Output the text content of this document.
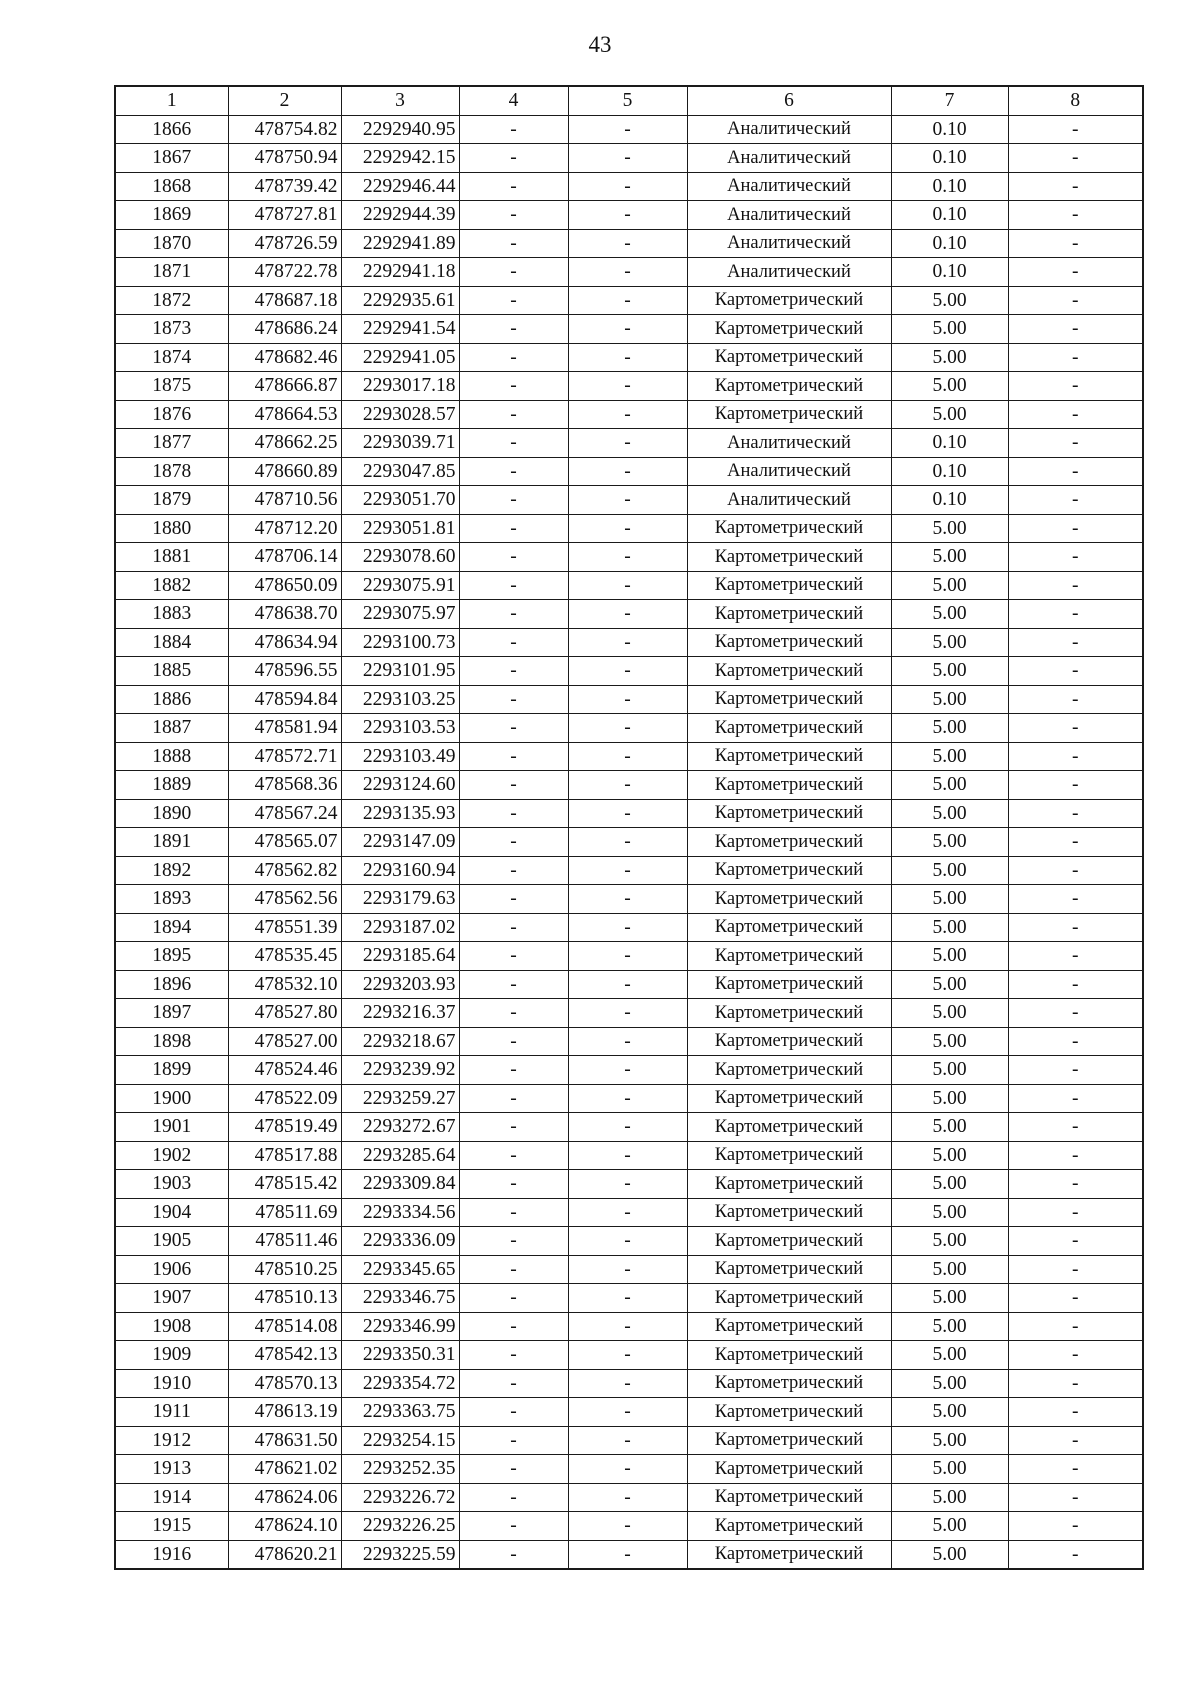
43
1	2	3	4	5	6	7	8
1866	478754.82	2292940.95	-	-	Аналитический	0.10	-
1867	478750.94	2292942.15	-	-	Аналитический	0.10	-
1868	478739.42	2292946.44	-	-	Аналитический	0.10	-
1869	478727.81	2292944.39	-	-	Аналитический	0.10	-
1870	478726.59	2292941.89	-	-	Аналитический	0.10	-
1871	478722.78	2292941.18	-	-	Аналитический	0.10	-
1872	478687.18	2292935.61	-	-	Картометрический	5.00	-
1873	478686.24	2292941.54	-	-	Картометрический	5.00	-
1874	478682.46	2292941.05	-	-	Картометрический	5.00	-
1875	478666.87	2293017.18	-	-	Картометрический	5.00	-
1876	478664.53	2293028.57	-	-	Картометрический	5.00	-
1877	478662.25	2293039.71	-	-	Аналитический	0.10	-
1878	478660.89	2293047.85	-	-	Аналитический	0.10	-
1879	478710.56	2293051.70	-	-	Аналитический	0.10	-
1880	478712.20	2293051.81	-	-	Картометрический	5.00	-
1881	478706.14	2293078.60	-	-	Картометрический	5.00	-
1882	478650.09	2293075.91	-	-	Картометрический	5.00	-
1883	478638.70	2293075.97	-	-	Картометрический	5.00	-
1884	478634.94	2293100.73	-	-	Картометрический	5.00	-
1885	478596.55	2293101.95	-	-	Картометрический	5.00	-
1886	478594.84	2293103.25	-	-	Картометрический	5.00	-
1887	478581.94	2293103.53	-	-	Картометрический	5.00	-
1888	478572.71	2293103.49	-	-	Картометрический	5.00	-
1889	478568.36	2293124.60	-	-	Картометрический	5.00	-
1890	478567.24	2293135.93	-	-	Картометрический	5.00	-
1891	478565.07	2293147.09	-	-	Картометрический	5.00	-
1892	478562.82	2293160.94	-	-	Картометрический	5.00	-
1893	478562.56	2293179.63	-	-	Картометрический	5.00	-
1894	478551.39	2293187.02	-	-	Картометрический	5.00	-
1895	478535.45	2293185.64	-	-	Картометрический	5.00	-
1896	478532.10	2293203.93	-	-	Картометрический	5.00	-
1897	478527.80	2293216.37	-	-	Картометрический	5.00	-
1898	478527.00	2293218.67	-	-	Картометрический	5.00	-
1899	478524.46	2293239.92	-	-	Картометрический	5.00	-
1900	478522.09	2293259.27	-	-	Картометрический	5.00	-
1901	478519.49	2293272.67	-	-	Картометрический	5.00	-
1902	478517.88	2293285.64	-	-	Картометрический	5.00	-
1903	478515.42	2293309.84	-	-	Картометрический	5.00	-
1904	478511.69	2293334.56	-	-	Картометрический	5.00	-
1905	478511.46	2293336.09	-	-	Картометрический	5.00	-
1906	478510.25	2293345.65	-	-	Картометрический	5.00	-
1907	478510.13	2293346.75	-	-	Картометрический	5.00	-
1908	478514.08	2293346.99	-	-	Картометрический	5.00	-
1909	478542.13	2293350.31	-	-	Картометрический	5.00	-
1910	478570.13	2293354.72	-	-	Картометрический	5.00	-
1911	478613.19	2293363.75	-	-	Картометрический	5.00	-
1912	478631.50	2293254.15	-	-	Картометрический	5.00	-
1913	478621.02	2293252.35	-	-	Картометрический	5.00	-
1914	478624.06	2293226.72	-	-	Картометрический	5.00	-
1915	478624.10	2293226.25	-	-	Картометрический	5.00	-
1916	478620.21	2293225.59	-	-	Картометрический	5.00	-
